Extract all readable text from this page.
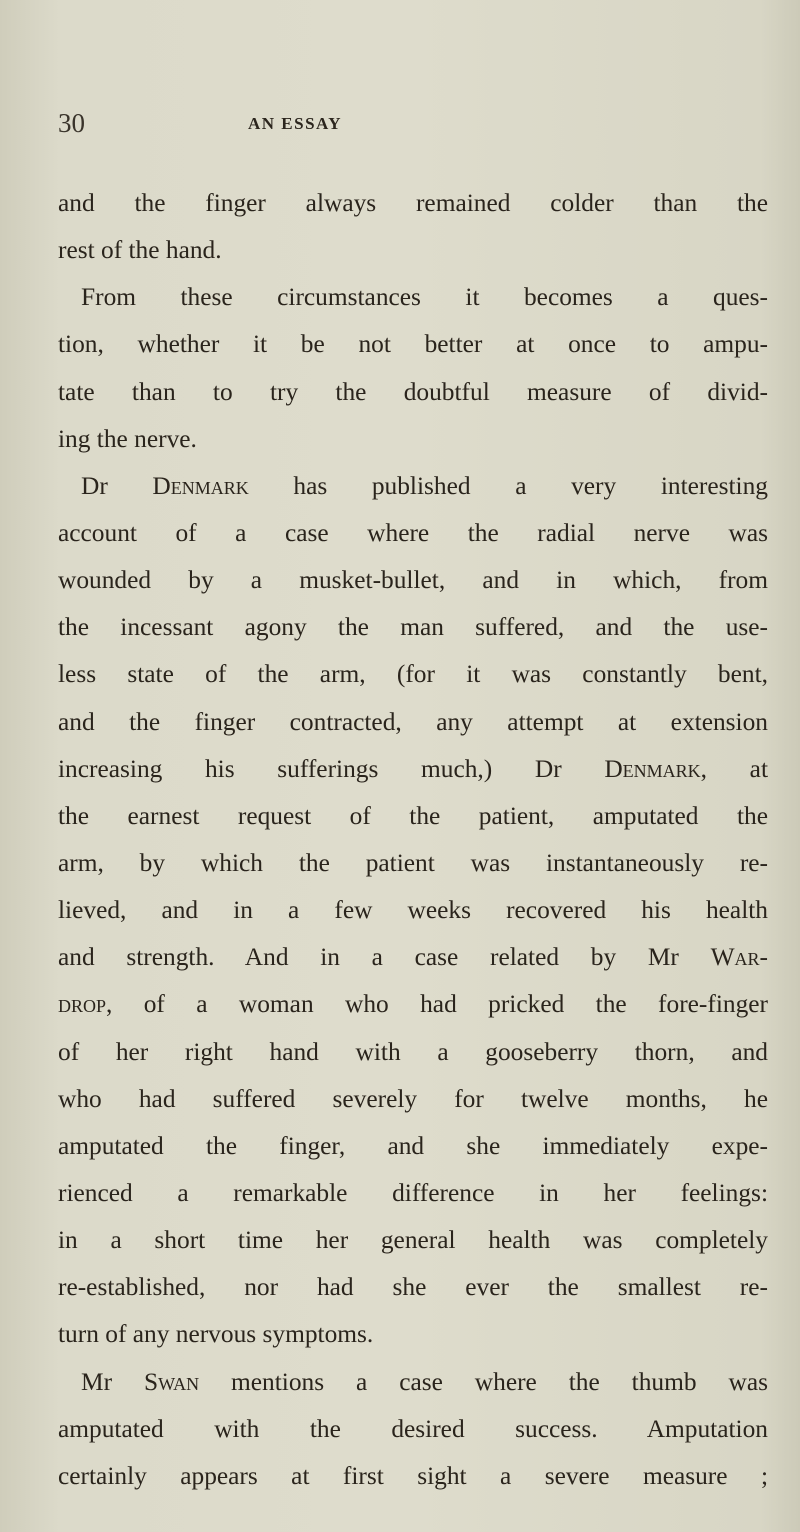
30	AN ESSAY
and the finger always remained colder than the
rest of the hand.
From these circumstances it becomes a ques-
tion, whether it be not better at once to ampu-
tate than to try the doubtful measure of divid-
ing the nerve.
Dr Denmark has published a very interesting
account of a case where the radial nerve was
wounded by a musket-bullet, and in which, from
the incessant agony the man suffered, and the use-
less state of the arm, (for it was constantly bent,
and the finger contracted, any attempt at extension
increasing his sufferings much,) Dr Denmark, at
the earnest request of the patient, amputated the
arm, by which the patient was instantaneously re-
lieved, and in a few weeks recovered his health
and strength. And in a case related by Mr War-
drop, of a woman who had pricked the fore-finger
of her right hand with a gooseberry thorn, and
who had suffered severely for twelve months, he
amputated the finger, and she immediately expe-
rienced a remarkable difference in her feelings:
in a short time her general health was completely
re-established, nor had she ever the smallest re-
turn of any nervous symptoms.
Mr Swan mentions a case where the thumb was
amputated with the desired success. Amputation
certainly appears at first sight a severe measure ;
